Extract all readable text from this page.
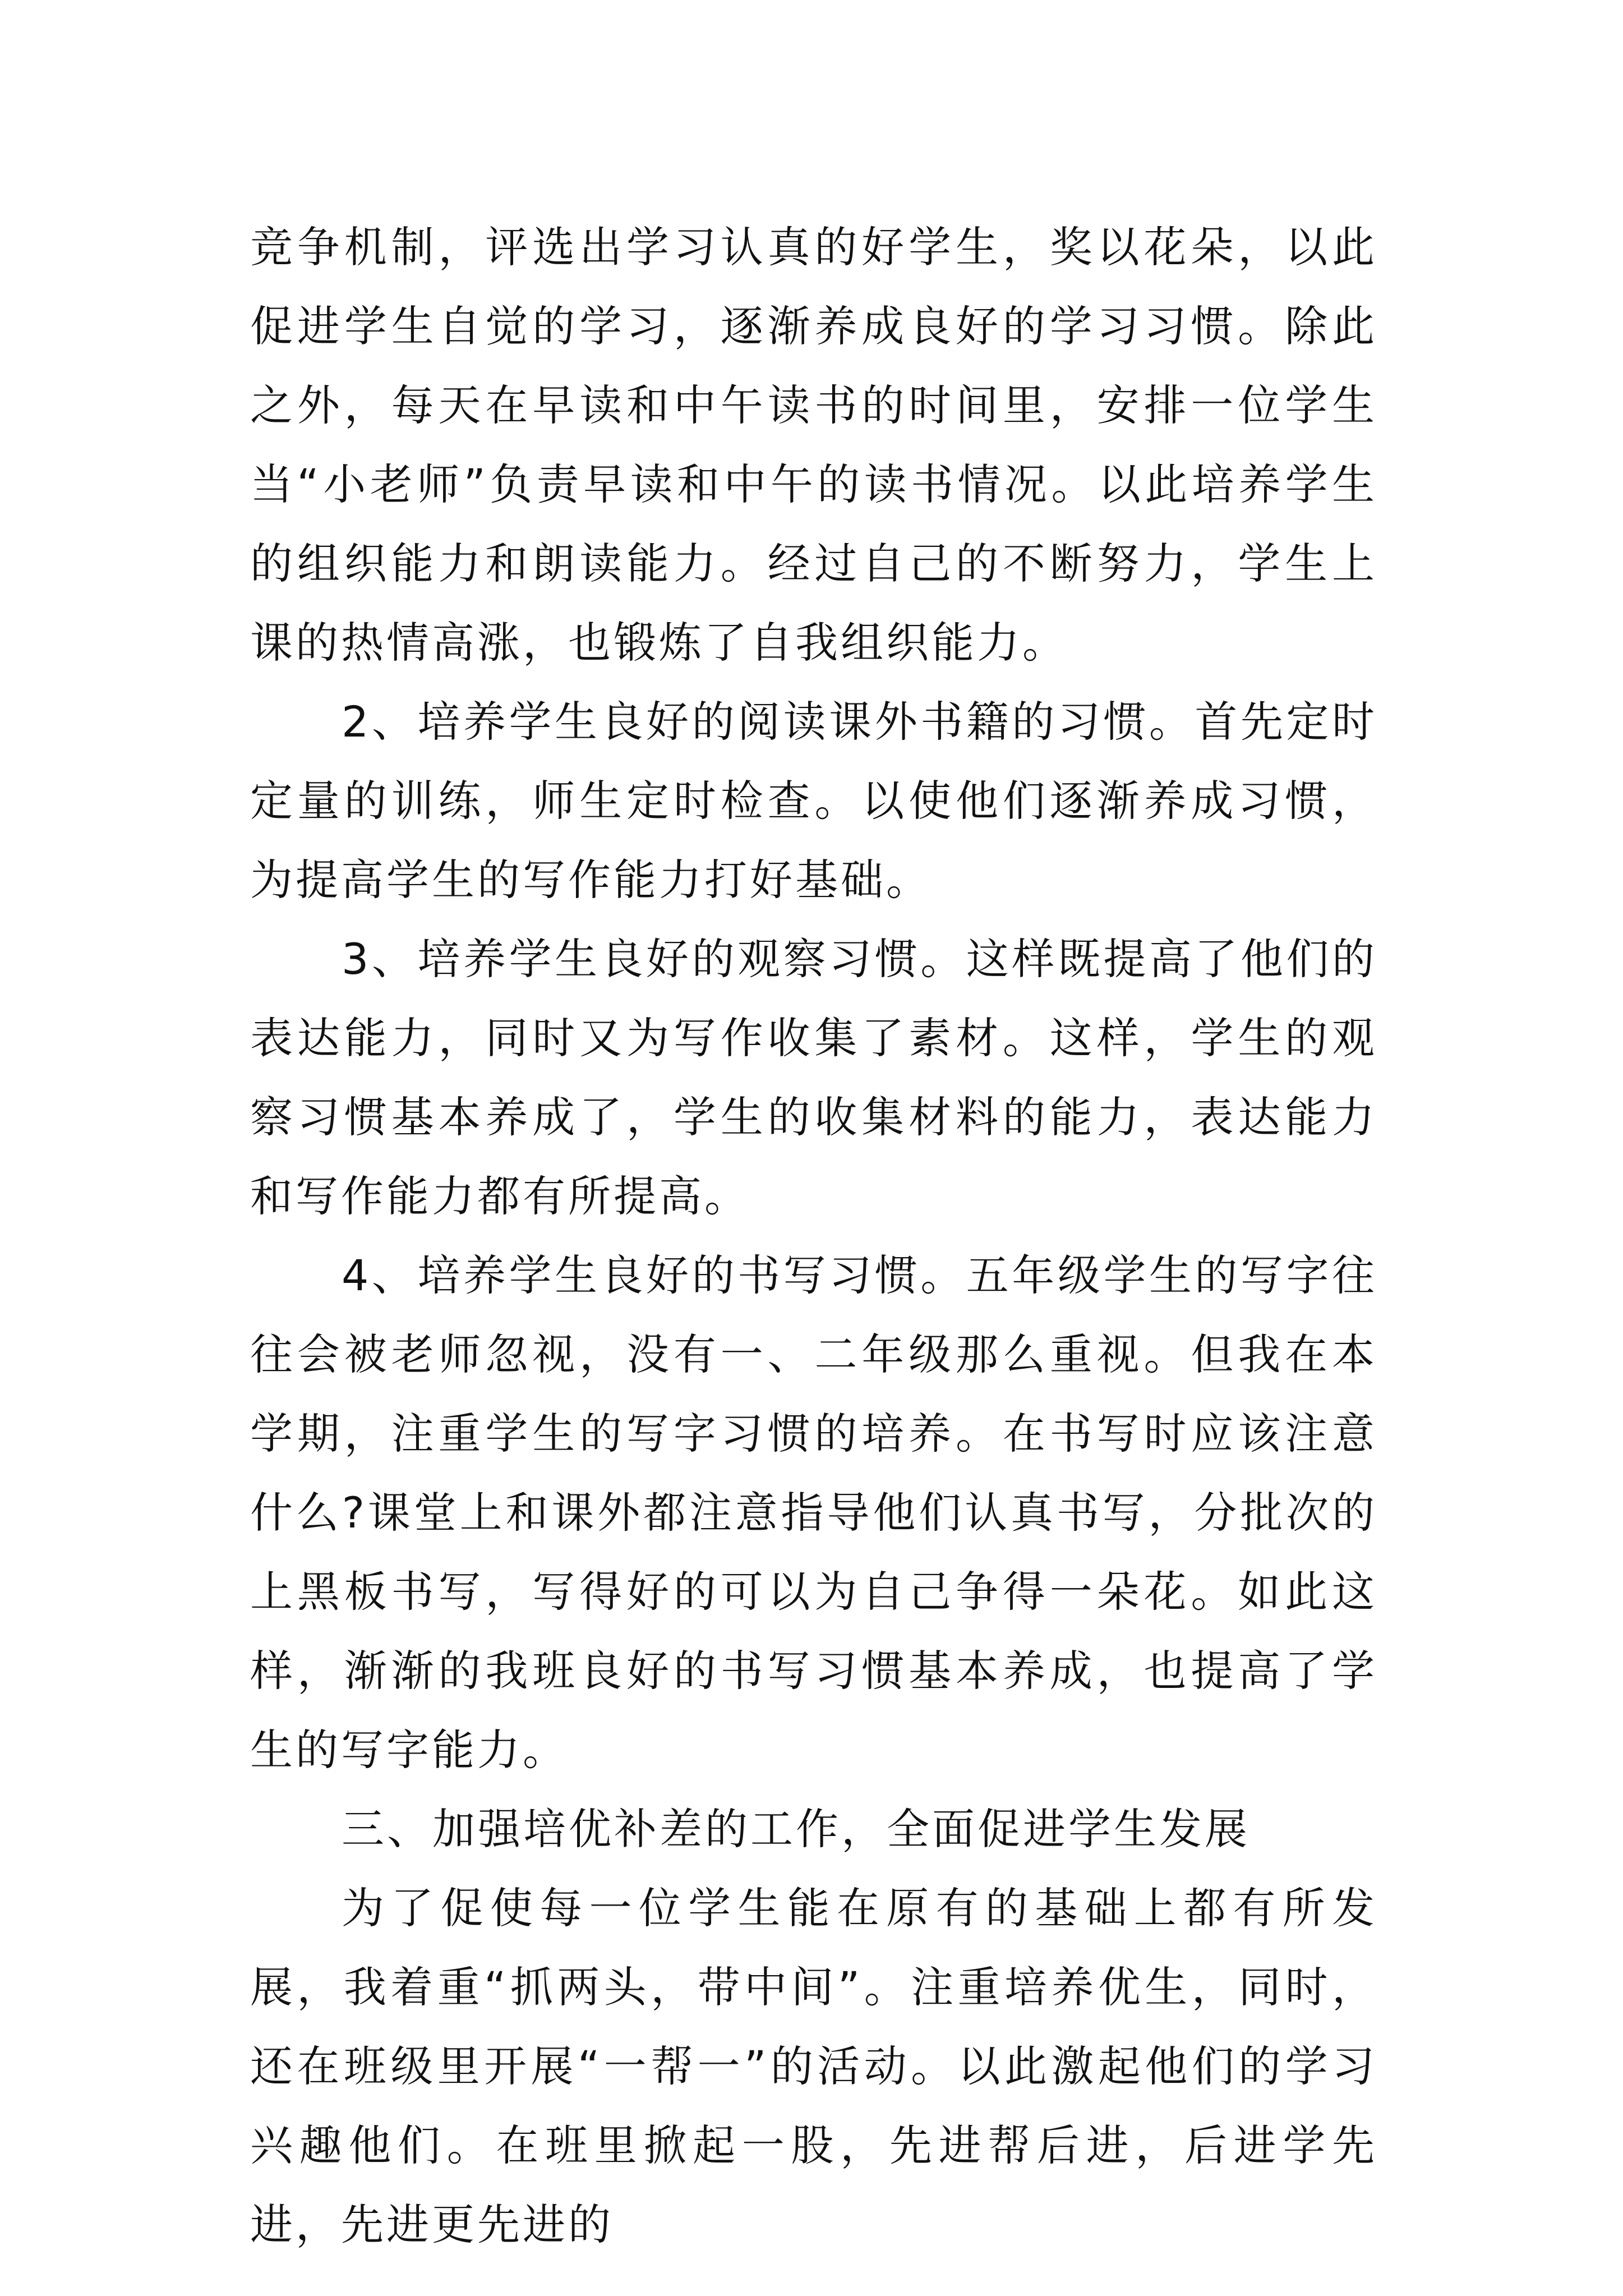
竞争机制，评选出学习认真的好学生，奖以花朵，以此促进学生自觉的学习，逐渐养成良好的学习习惯。除此之外，每天在早读和中午读书的时间里，安排一位学生当“小老师”负责早读和中午的读书情况。以此培养学生的组织能力和朗读能力。经过自己的不断努力，学生上课的热情高涨，也锻炼了自我组织能力。

2、培养学生良好的阅读课外书籍的习惯。首先定时定量的训练，师生定时检查。以使他们逐渐养成习惯，为提高学生的写作能力打好基础。

3、培养学生良好的观察习惯。这样既提高了他们的表达能力，同时又为写作收集了素材。这样，学生的观察习惯基本养成了，学生的收集材料的能力，表达能力和写作能力都有所提高。

4、培养学生良好的书写习惯。五年级学生的写字往往会被老师忽视，没有一、二年级那么重视。但我在本学期，注重学生的写字习惯的培养。在书写时应该注意什么?课堂上和课外都注意指导他们认真书写，分批次的上黑板书写，写得好的可以为自己争得一朵花。如此这样，渐渐的我班良好的书写习惯基本养成，也提高了学生的写字能力。

三、加强培优补差的工作，全面促进学生发展

为了促使每一位学生能在原有的基础上都有所发展，我着重“抓两头，带中间”。注重培养优生，同时，还在班级里开展“一帮一”的活动。以此激起他们的学习兴趣他们。在班里掀起一股，先进帮后进，后进学先进，先进更先进的
